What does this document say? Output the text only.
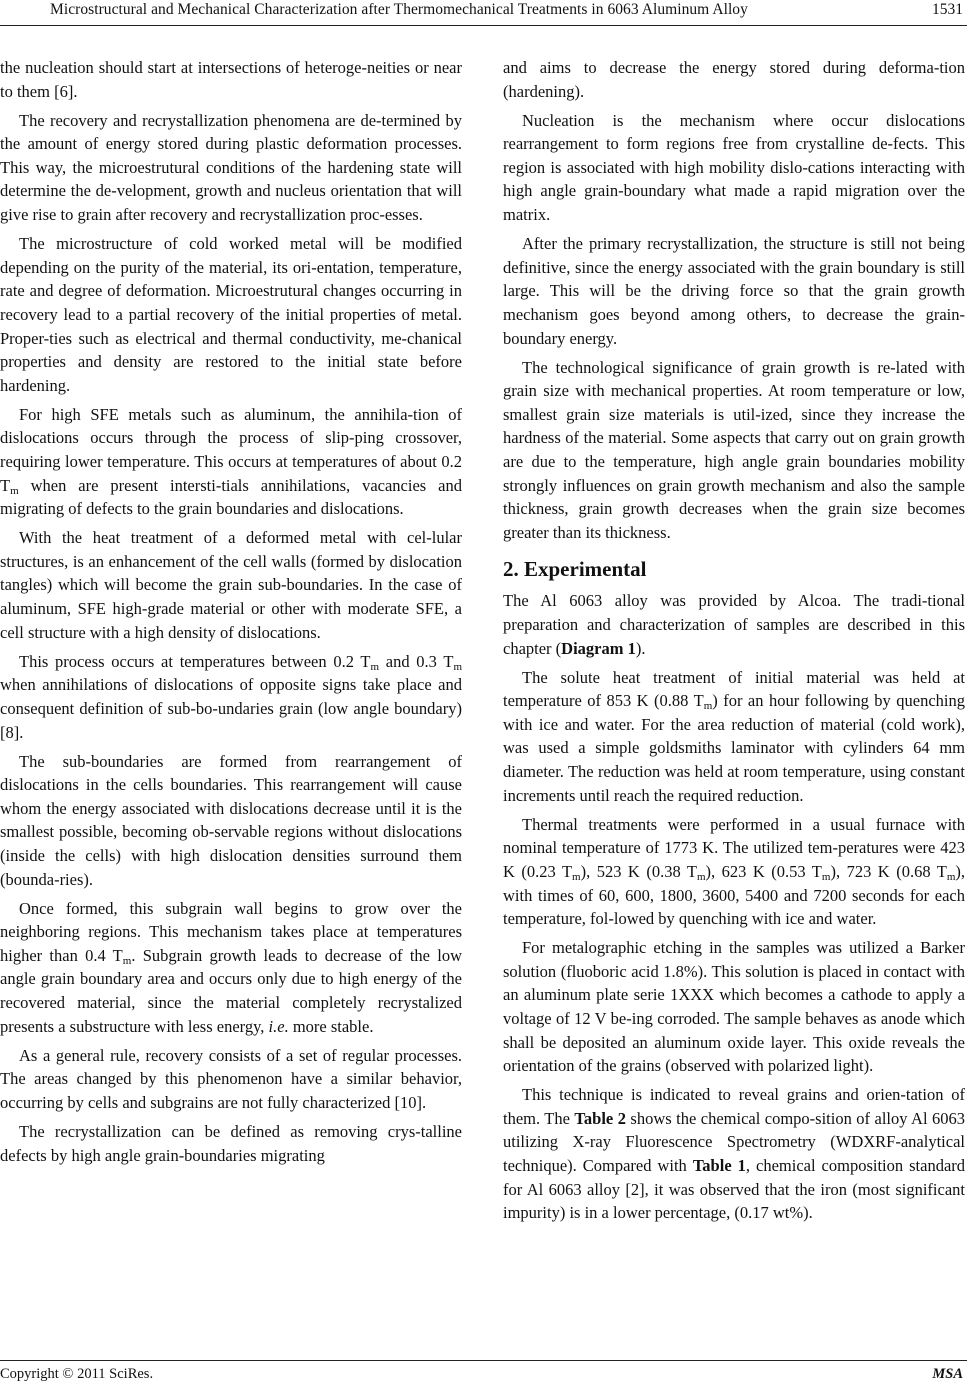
Microstructural and Mechanical Characterization after Thermomechanical Treatments in 6063 Aluminum Alloy	1531

the nucleation should start at intersections of heteroge-neities or near to them [6].

The recovery and recrystallization phenomena are de-termined by the amount of energy stored during plastic deformation processes. This way, the microestrutural conditions of the hardening state will determine the de-velopment, growth and nucleus orientation that will give rise to grain after recovery and recrystallization proc-esses.

The microstructure of cold worked metal will be modified depending on the purity of the material, its ori-entation, temperature, rate and degree of deformation. Microestrutural changes occurring in recovery lead to a partial recovery of the initial properties of metal. Proper-ties such as electrical and thermal conductivity, me-chanical properties and density are restored to the initial state before hardening.

For high SFE metals such as aluminum, the annihila-tion of dislocations occurs through the process of slip-ping crossover, requiring lower temperature. This occurs at temperatures of about 0.2 $T_m$ when are present intersti-tials annihilations, vacancies and migrating of defects to the grain boundaries and dislocations.

With the heat treatment of a deformed metal with cel-lular structures, is an enhancement of the cell walls (formed by dislocation tangles) which will become the grain sub-boundaries. In the case of aluminum, SFE high-grade material or other with moderate SFE, a cell structure with a high density of dislocations.

This process occurs at temperatures between 0.2 $T_m$ and 0.3 $T_m$ when annihilations of dislocations of opposite signs take place and consequent definition of sub-bo-undaries grain (low angle boundary) [8].

The sub-boundaries are formed from rearrangement of dislocations in the cells boundaries. This rearrangement will cause whom the energy associated with dislocations decrease until it is the smallest possible, becoming ob-servable regions without dislocations (inside the cells) with high dislocation densities surround them (bounda-ries).

Once formed, this subgrain wall begins to grow over the neighboring regions. This mechanism takes place at temperatures higher than 0.4 $T_m$. Subgrain growth leads to decrease of the low angle grain boundary area and occurs only due to high energy of the recovered material, since the material completely recrystalized presents a substructure with less energy, i.e. more stable.

As a general rule, recovery consists of a set of regular processes. The areas changed by this phenomenon have a similar behavior, occurring by cells and subgrains are not fully characterized [10].

The recrystallization can be defined as removing crys-talline defects by high angle grain-boundaries migrating

and aims to decrease the energy stored during deforma-tion (hardening).

Nucleation is the mechanism where occur dislocations rearrangement to form regions free from crystalline de-fects. This region is associated with high mobility dislo-cations interacting with high angle grain-boundary what made a rapid migration over the matrix.

After the primary recrystallization, the structure is still not being definitive, since the energy associated with the grain boundary is still large. This will be the driving force so that the grain growth mechanism goes beyond among others, to decrease the grain-boundary energy.

The technological significance of grain growth is re-lated with grain size with mechanical properties. At room temperature or low, smallest grain size materials is util-ized, since they increase the hardness of the material. Some aspects that carry out on grain growth are due to the temperature, high angle grain boundaries mobility strongly influences on grain growth mechanism and also the sample thickness, grain growth decreases when the grain size becomes greater than its thickness.

2. Experimental

The Al 6063 alloy was provided by Alcoa. The tradi-tional preparation and characterization of samples are described in this chapter (Diagram 1).

The solute heat treatment of initial material was held at temperature of 853 K (0.88 $T_m$) for an hour following by quenching with ice and water. For the area reduction of material (cold work), was used a simple goldsmiths laminator with cylinders 64 mm diameter. The reduction was held at room temperature, using constant increments until reach the required reduction.

Thermal treatments were performed in a usual furnace with nominal temperature of 1773 K. The utilized tem-peratures were 423 K (0.23 $T_m$), 523 K (0.38 $T_m$), 623 K (0.53 $T_m$), 723 K (0.68 $T_m$), with times of 60, 600, 1800, 3600, 5400 and 7200 seconds for each temperature, fol-lowed by quenching with ice and water.

For metalographic etching in the samples was utilized a Barker solution (fluoboric acid 1.8%). This solution is placed in contact with an aluminum plate serie 1XXX which becomes a cathode to apply a voltage of 12 V be-ing corroded. The sample behaves as anode which shall be deposited an aluminum oxide layer. This oxide reveals the orientation of the grains (observed with polarized light).

This technique is indicated to reveal grains and orien-tation of them. The Table 2 shows the chemical compo-sition of alloy Al 6063 utilizing X-ray Fluorescence Spectrometry (WDXRF-analytical technique). Compared with Table 1, chemical composition standard for Al 6063 alloy [2], it was observed that the iron (most significant impurity) is in a lower percentage, (0.17 wt%).

Copyright © 2011 SciRes.	MSA
